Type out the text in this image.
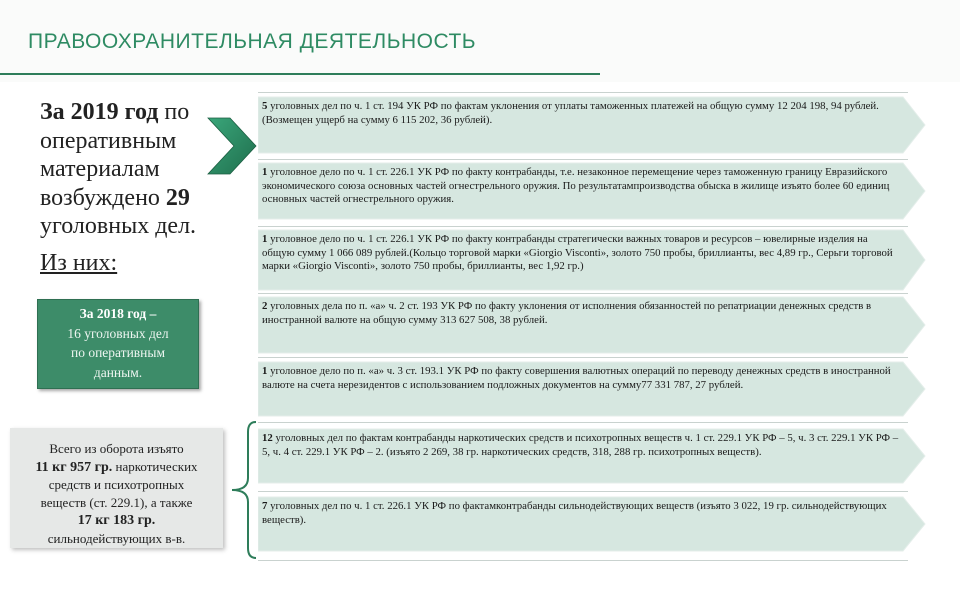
ПРАВООХРАНИТЕЛЬНАЯ ДЕЯТЕЛЬНОСТЬ
За 2019 год по
оперативным
материалам
возбуждено 29
уголовных дел.
Из них:
За 2018 год –
16 уголовных дел
по оперативным
данным.
Всего из оборота изъято
11 кг 957 гр. наркотических
средств и психотропных
веществ (ст. 229.1), а также
17 кг 183 гр.
сильнодействующих в-в.
5 уголовных дел по ч. 1 ст. 194 УК РФ по фактам уклонения от уплаты таможенных платежей на общую сумму 12 204 198, 94 рублей. (Возмещен ущерб на сумму 6 115 202, 36 рублей).
1 уголовное дело по ч. 1 ст. 226.1 УК РФ по факту контрабанды, т.е. незаконное перемещение через таможенную границу Евразийского экономического союза основных частей огнестрельного оружия. По результатампроизводства обыска в жилище изъято более 60 единиц основных частей огнестрельного оружия.
1 уголовное дело по ч. 1 ст. 226.1 УК РФ по факту контрабанды стратегически важных товаров и ресурсов – ювелирные изделия на общую сумму 1 066 089 рублей.(Кольцо торговой марки «Giorgio Visconti», золото 750 пробы, бриллианты, вес 4,89 гр., Серьги торговой марки «Giorgio Visconti», золото 750 пробы, бриллианты, вес 1,92 гр.)
2 уголовных дела по п. «а» ч. 2 ст. 193 УК РФ по факту уклонения от исполнения обязанностей по репатриации денежных средств в иностранной валюте на общую сумму 313 627 508, 38 рублей.
1 уголовное дело по п. «а» ч. 3 ст. 193.1 УК РФ по факту совершения валютных операций по переводу денежных средств в иностранной валюте на счета нерезидентов с использованием подложных документов на сумму77 331 787, 27 рублей.
12 уголовных дел по фактам контрабанды наркотических средств и психотропных веществ ч. 1 ст. 229.1 УК РФ – 5, ч. 3 ст. 229.1 УК РФ – 5, ч. 4 ст. 229.1 УК РФ – 2. (изъято 2 269, 38 гр. наркотических средств, 318, 288 гр. психотропных веществ).
7 уголовных дел по ч. 1 ст. 226.1 УК РФ по фактамконтрабанды сильнодействующих веществ (изъято 3 022, 19 гр. сильнодействующих веществ).
